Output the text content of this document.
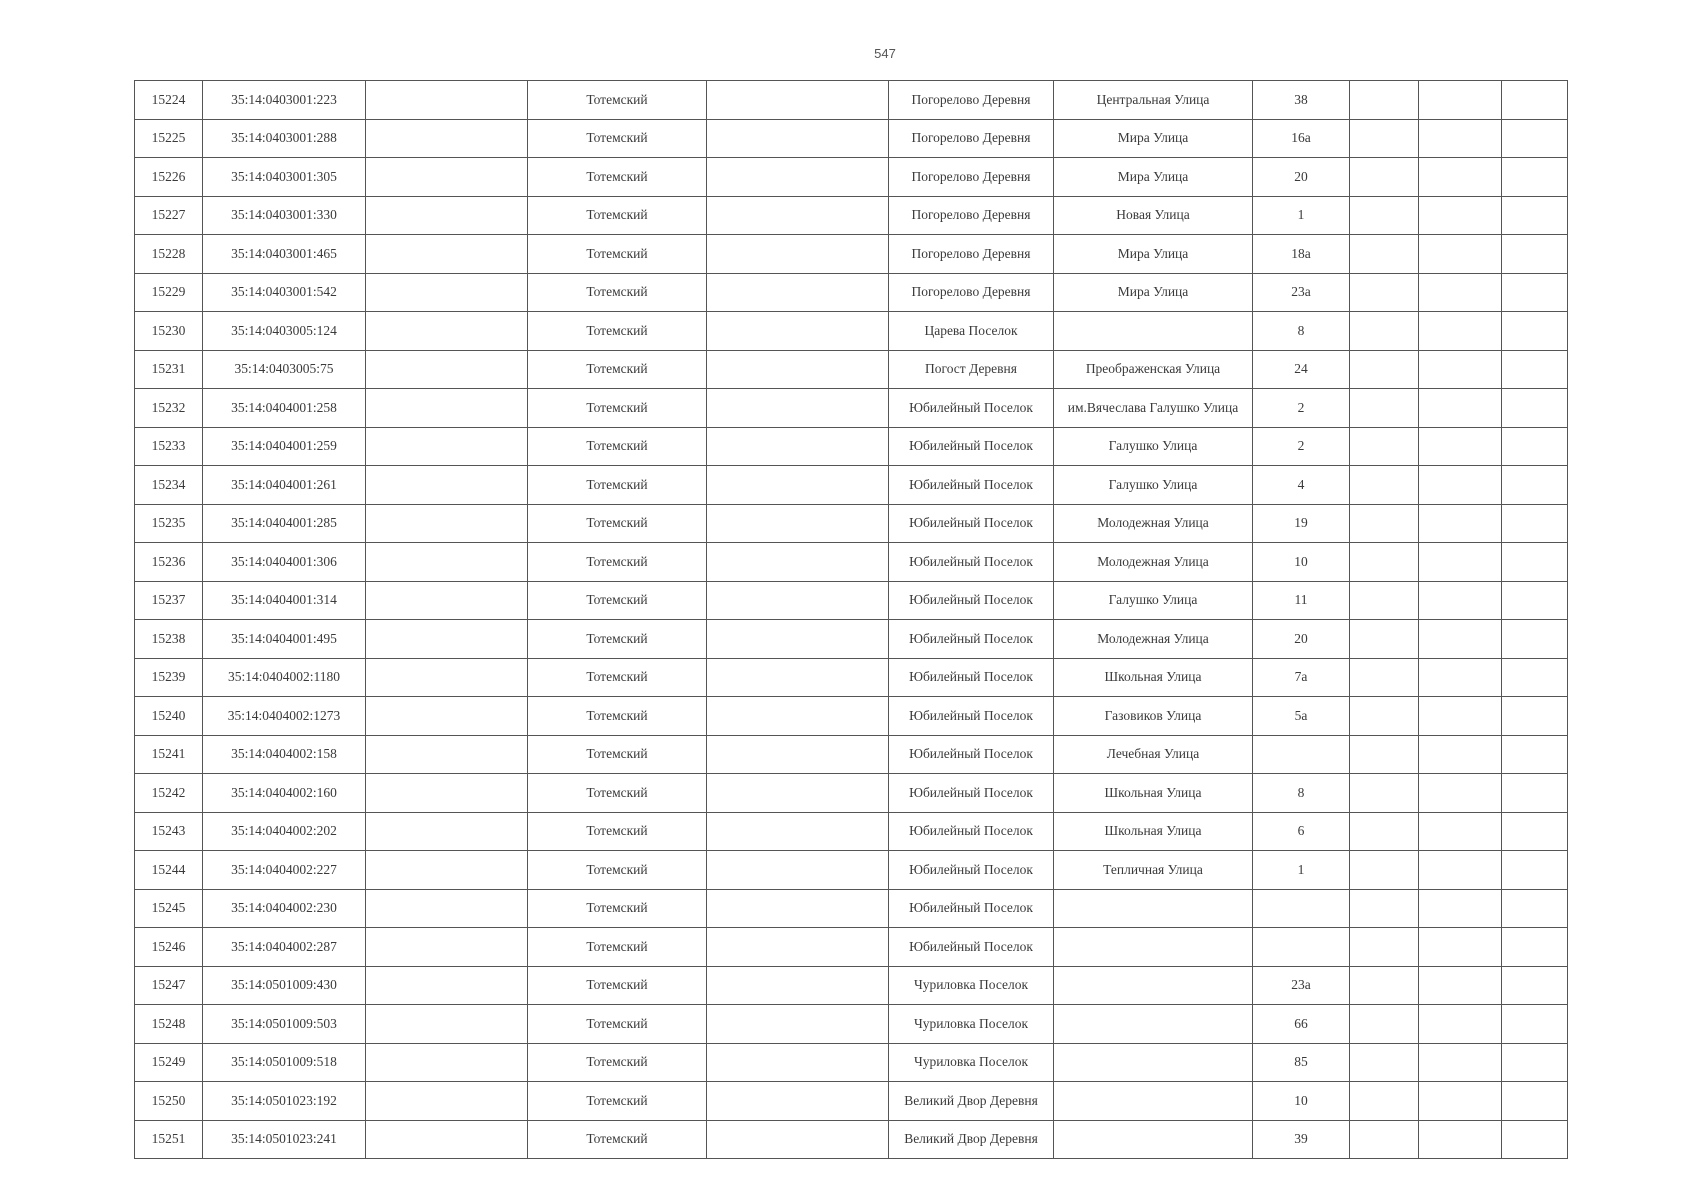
547
15224	35:14:0403001:223		Тотемский		Погорелово Деревня	Центральная Улица	38			
15225	35:14:0403001:288		Тотемский		Погорелово Деревня	Мира Улица	16а			
15226	35:14:0403001:305		Тотемский		Погорелово Деревня	Мира Улица	20			
15227	35:14:0403001:330		Тотемский		Погорелово Деревня	Новая Улица	1			
15228	35:14:0403001:465		Тотемский		Погорелово Деревня	Мира Улица	18а			
15229	35:14:0403001:542		Тотемский		Погорелово Деревня	Мира Улица	23а			
15230	35:14:0403005:124		Тотемский		Царева Поселок		8			
15231	35:14:0403005:75		Тотемский		Погост Деревня	Преображенская Улица	24			
15232	35:14:0404001:258		Тотемский		Юбилейный Поселок	им.Вячеслава Галушко Улица	2			
15233	35:14:0404001:259		Тотемский		Юбилейный Поселок	Галушко Улица	2			
15234	35:14:0404001:261		Тотемский		Юбилейный Поселок	Галушко Улица	4			
15235	35:14:0404001:285		Тотемский		Юбилейный Поселок	Молодежная Улица	19			
15236	35:14:0404001:306		Тотемский		Юбилейный Поселок	Молодежная Улица	10			
15237	35:14:0404001:314		Тотемский		Юбилейный Поселок	Галушко Улица	11			
15238	35:14:0404001:495		Тотемский		Юбилейный Поселок	Молодежная Улица	20			
15239	35:14:0404002:1180		Тотемский		Юбилейный Поселок	Школьная Улица	7а			
15240	35:14:0404002:1273		Тотемский		Юбилейный Поселок	Газовиков Улица	5а			
15241	35:14:0404002:158		Тотемский		Юбилейный Поселок	Лечебная Улица				
15242	35:14:0404002:160		Тотемский		Юбилейный Поселок	Школьная Улица	8			
15243	35:14:0404002:202		Тотемский		Юбилейный Поселок	Школьная Улица	6			
15244	35:14:0404002:227		Тотемский		Юбилейный Поселок	Тепличная Улица	1			
15245	35:14:0404002:230		Тотемский		Юбилейный Поселок					
15246	35:14:0404002:287		Тотемский		Юбилейный Поселок					
15247	35:14:0501009:430		Тотемский		Чуриловка Поселок		23а			
15248	35:14:0501009:503		Тотемский		Чуриловка Поселок		66			
15249	35:14:0501009:518		Тотемский		Чуриловка Поселок		85			
15250	35:14:0501023:192		Тотемский		Великий Двор Деревня		10			
15251	35:14:0501023:241		Тотемский		Великий Двор Деревня		39			
